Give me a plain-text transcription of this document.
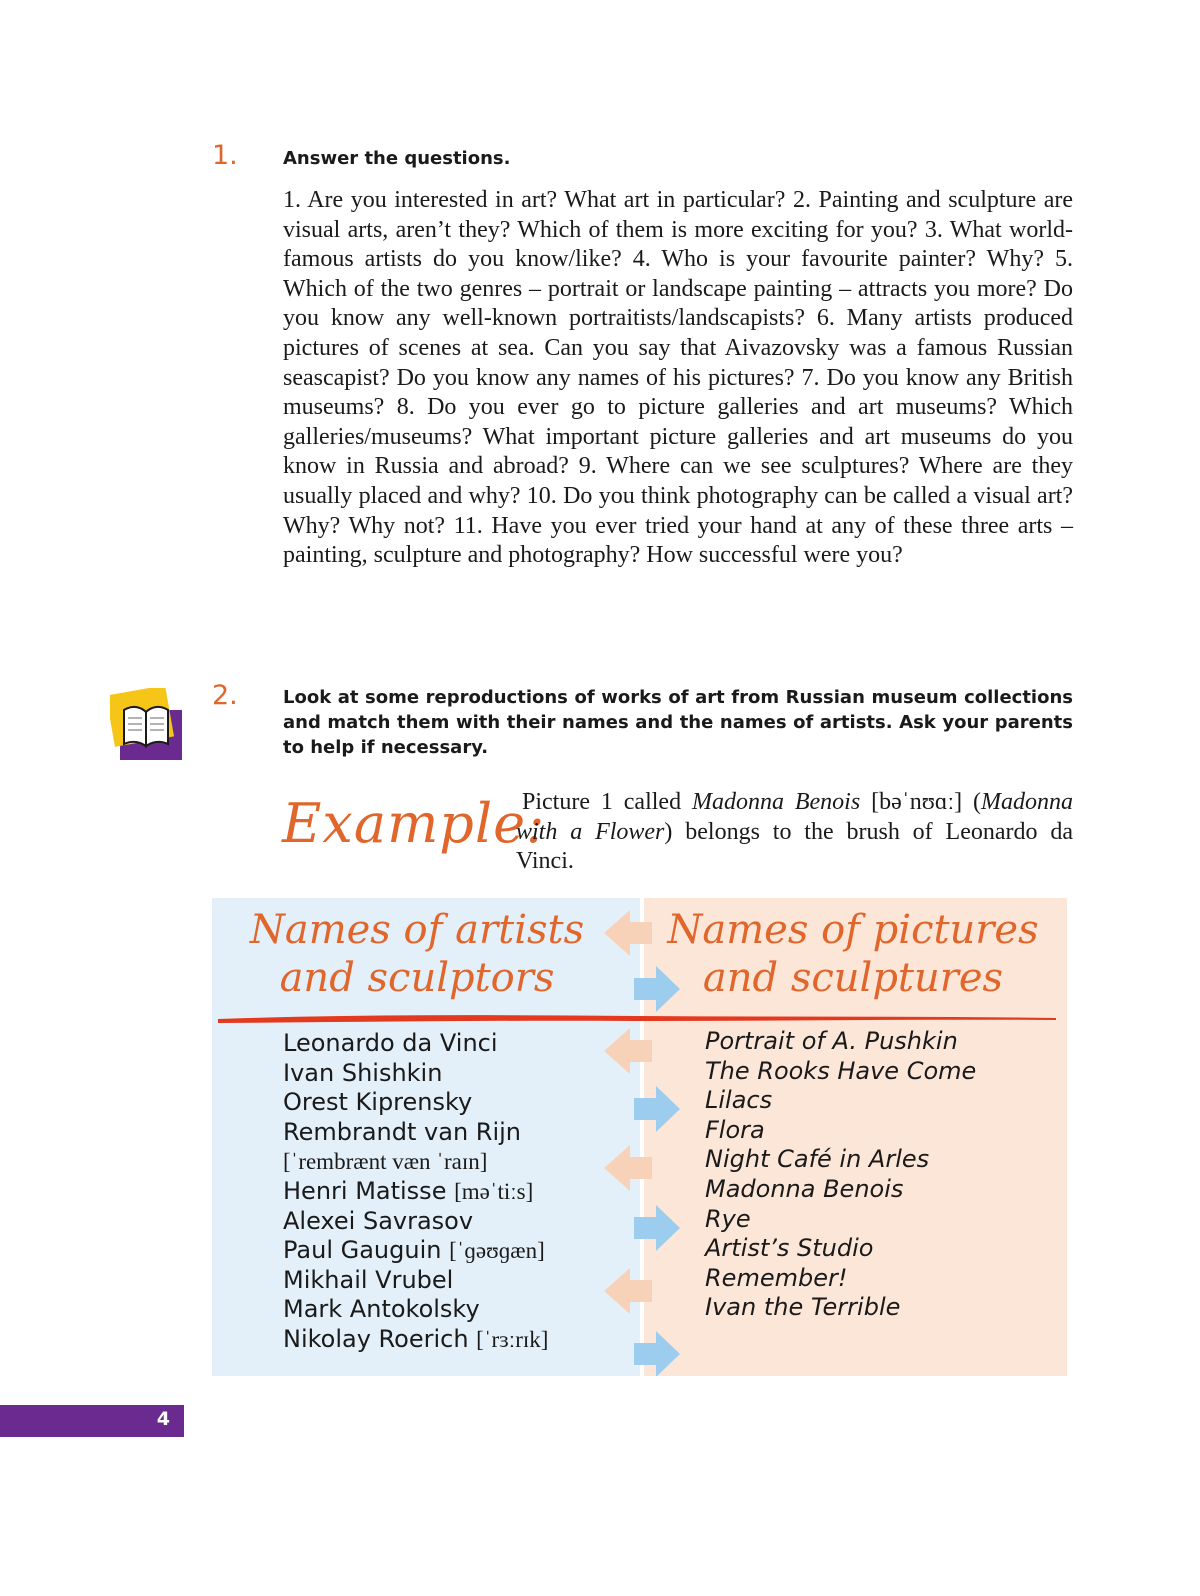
1.	Answer the questions.
1. Are you interested in art? What art in particular? 2. Painting and sculpture are visual arts, aren’t they? Which of them is more exciting for you? 3. What world-famous artists do you know/like? 4. Who is your favourite painter? Why? 5. Which of the two genres – portrait or landscape painting – attracts you more? Do you know any well-known portraitists/landscapists? 6. Many artists produced pictures of scenes at sea. Can you say that Aivazovsky was a famous Russian seascapist? Do you know any names of his pictures? 7. Do you know any British museums? 8. Do you ever go to picture galleries and art museums? Which galleries/museums? What important picture galleries and art museums do you know in Russia and abroad? 9. Where can we see sculptures? Where are they usually placed and why? 10. Do you think photography can be called a visual art? Why? Why not? 11. Have you ever tried your hand at any of these three arts – painting, sculpture and photography? How successful were you?
2.	Look at some reproductions of works of art from Russian museum collections and match them with their names and the names of artists. Ask your parents to help if necessary.
Example:
Picture 1 called Madonna Benois [bəˈnʊɑː] (Madonna with a Flower) belongs to the brush of Leonardo da Vinci.
Names of artists
and sculptors
Names of pictures
and sculptures
Leonardo da Vinci
Ivan Shishkin
Orest Kiprensky
Rembrandt van Rijn
[ˈrembrænt væn ˈraɪn]
Henri Matisse [məˈtiːs]
Alexei Savrasov
Paul Gauguin [ˈɡəʊɡæn]
Mikhail Vrubel
Mark Antokolsky
Nikolay Roerich [ˈrɜːrɪk]
Portrait of A. Pushkin
The Rooks Have Come
Lilacs
Flora
Night Café in Arles
Madonna Benois
Rye
Artist’s Studio
Remember!
Ivan the Terrible
4
